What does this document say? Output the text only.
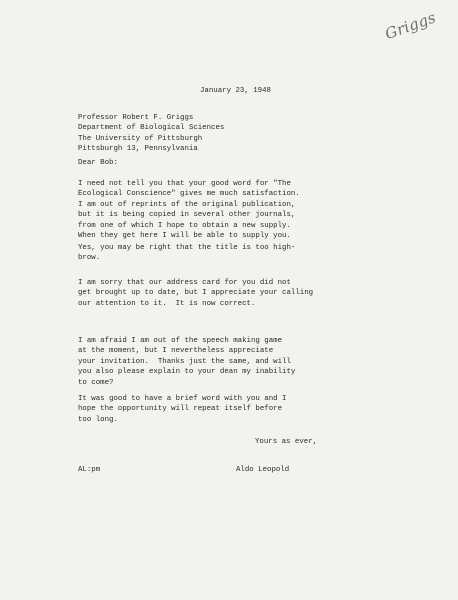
Griggs
January 23, 1948
Professor Robert F. Griggs
Department of Biological Sciences
The University of Pittsburgh
Pittsburgh 13, Pennsylvania
Dear Bob:
I need not tell you that your good word for "The
Ecological Conscience" gives me much satisfaction.
I am out of reprints of the original publication,
but it is being copied in several other journals,
from one of which I hope to obtain a new supply.
When they get here I will be able to supply you.
Yes, you may be right that the title is too high-
brow.
I am sorry that our address card for you did not
get brought up to date, but I appreciate your calling
our attention to it.  It is now correct.
I am afraid I am out of the speech making game
at the moment, but I nevertheless appreciate
your invitation.  Thanks just the same, and will
you also please explain to your dean my inability
to come?
It was good to have a brief word with you and I
hope the opportunity will repeat itself before
too long.
Yours as ever,
AL:pm	Aldo Leopold
